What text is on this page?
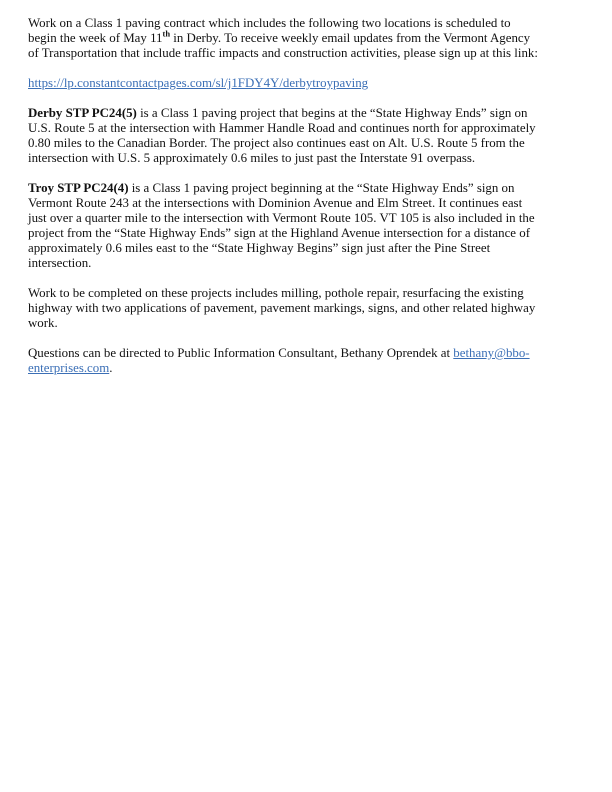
Work on a Class 1 paving contract which includes the following two locations is scheduled to begin the week of May 11th in Derby. To receive weekly email updates from the Vermont Agency of Transportation that include traffic impacts and construction activities, please sign up at this link:

https://lp.constantcontactpages.com/sl/j1FDY4Y/derbytroypaving

Derby STP PC24(5) is a Class 1 paving project that begins at the “State Highway Ends” sign on U.S. Route 5 at the intersection with Hammer Handle Road and continues north for approximately 0.80 miles to the Canadian Border. The project also continues east on Alt. U.S. Route 5 from the intersection with U.S. 5 approximately 0.6 miles to just past the Interstate 91 overpass.

Troy STP PC24(4) is a Class 1 paving project beginning at the “State Highway Ends” sign on Vermont Route 243 at the intersections with Dominion Avenue and Elm Street. It continues east just over a quarter mile to the intersection with Vermont Route 105. VT 105 is also included in the project from the “State Highway Ends” sign at the Highland Avenue intersection for a distance of approximately 0.6 miles east to the “State Highway Begins” sign just after the Pine Street intersection.

Work to be completed on these projects includes milling, pothole repair, resurfacing the existing highway with two applications of pavement, pavement markings, signs, and other related highway work.

Questions can be directed to Public Information Consultant, Bethany Oprendek at bethany@bbo-enterprises.com.
